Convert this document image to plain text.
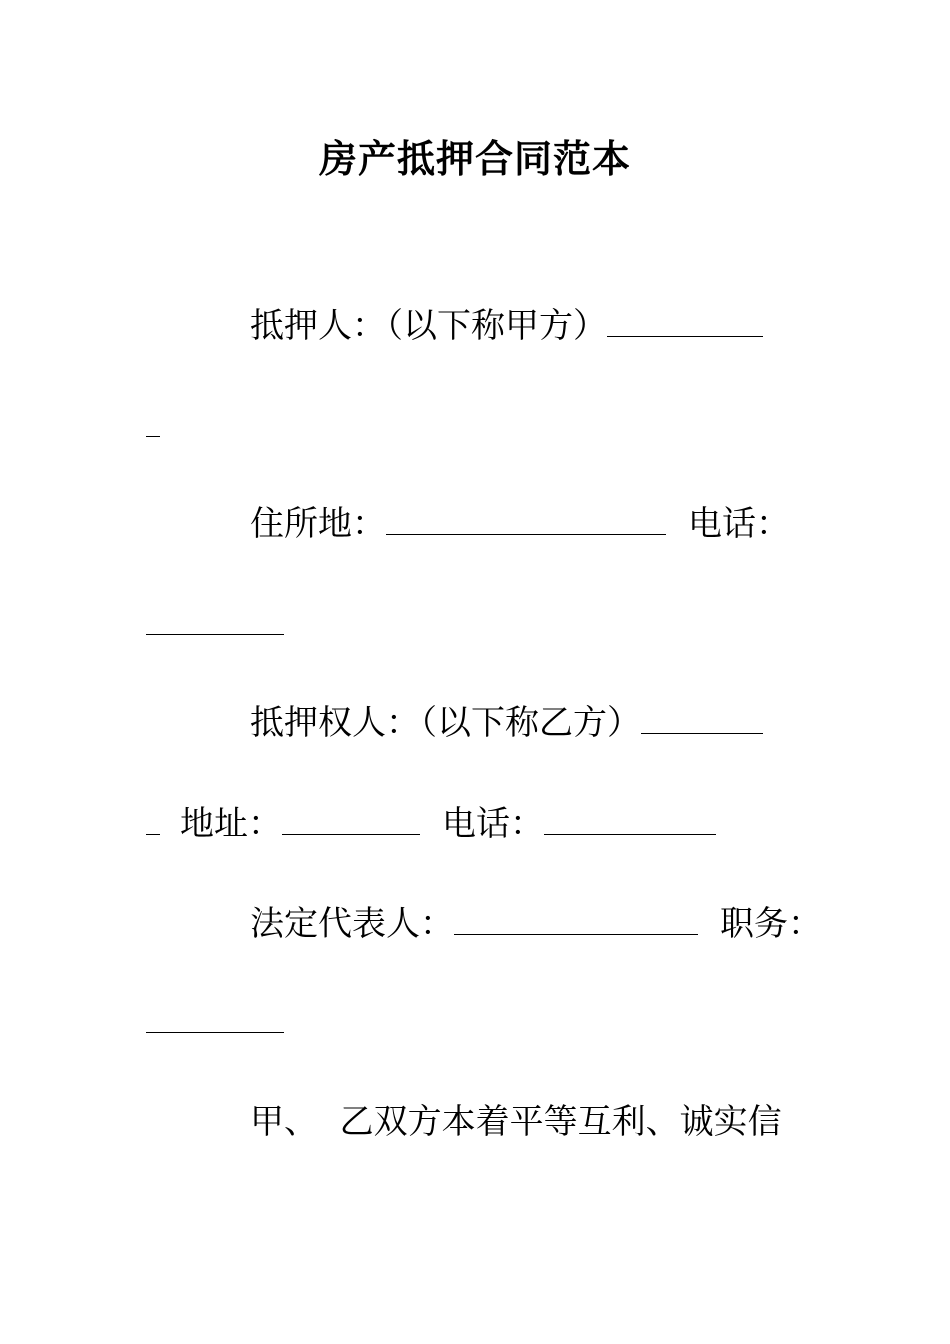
房产抵押合同范本
抵押人：（以下称甲方）
住所地：	电话：
抵押权人：（以下称乙方）
地址：	电话：
法定代表人：	职务：
甲、  乙双方本着平等互利、诚实信
